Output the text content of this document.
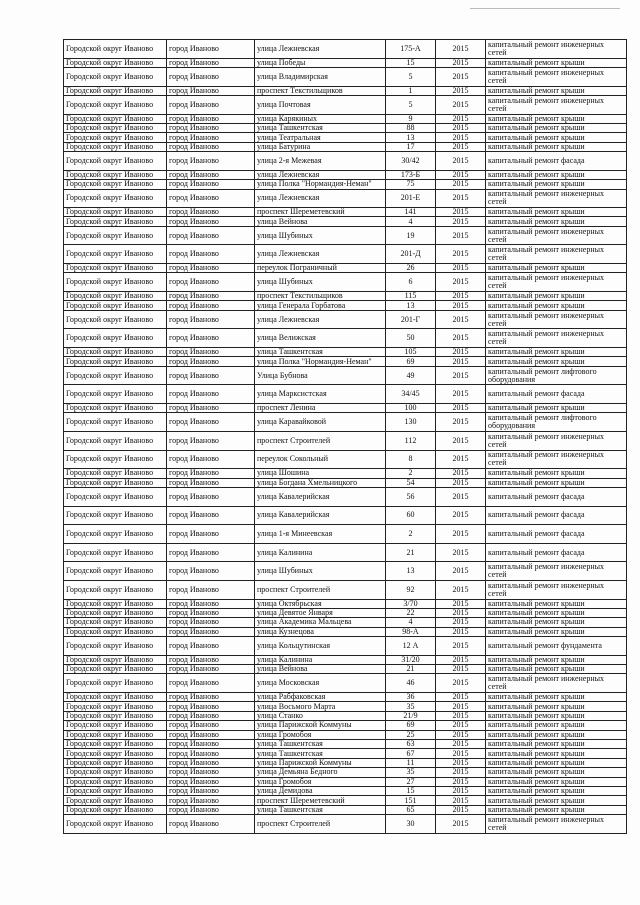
Городской округ Иваново	город Иваново	улица Лежневская	175-А	2015	капитальный ремонт инженерных сетей
Городской округ Иваново	город Иваново	улица Победы	15	2015	капитальный ремонт крыши
Городской округ Иваново	город Иваново	улица Владимирская	5	2015	капитальный ремонт инженерных сетей
Городской округ Иваново	город Иваново	проспект Текстильщиков	1	2015	капитальный ремонт крыши
Городской округ Иваново	город Иваново	улица Почтовая	5	2015	капитальный ремонт инженерных сетей
Городской округ Иваново	город Иваново	улица Карякиных	9	2015	капитальный ремонт крыши
Городской округ Иваново	город Иваново	улица Ташкентская	88	2015	капитальный ремонт крыши
Городской округ Иваново	город Иваново	улица Театральная	13	2015	капитальный ремонт крыши
Городской округ Иваново	город Иваново	улица Батурина	17	2015	капитальный ремонт крыши
Городской округ Иваново	город Иваново	улица 2-я Межевая	30/42	2015	капитальный ремонт фасада
Городской округ Иваново	город Иваново	улица Лежневская	173-Б	2015	капитальный ремонт крыши
Городской округ Иваново	город Иваново	улица Полка "Нормандия-Неман"	75	2015	капитальный ремонт крыши
Городской округ Иваново	город Иваново	улица Лежневская	201-Е	2015	капитальный ремонт инженерных сетей
Городской округ Иваново	город Иваново	проспект Шереметевский	141	2015	капитальный ремонт крыши
Городской округ Иваново	город Иваново	улица Вейнова	4	2015	капитальный ремонт крыши
Городской округ Иваново	город Иваново	улица Шубиных	19	2015	капитальный ремонт инженерных сетей
Городской округ Иваново	город Иваново	улица Лежневская	201-Д	2015	капитальный ремонт инженерных сетей
Городской округ Иваново	город Иваново	переулок Пограничный	26	2015	капитальный ремонт крыши
Городской округ Иваново	город Иваново	улица Шубиных	6	2015	капитальный ремонт инженерных сетей
Городской округ Иваново	город Иваново	проспект Текстильщиков	115	2015	капитальный ремонт крыши
Городской округ Иваново	город Иваново	улица Генерала Горбатова	13	2015	капитальный ремонт крыши
Городской округ Иваново	город Иваново	улица Лежневская	201-Г	2015	капитальный ремонт инженерных сетей
Городской округ Иваново	город Иваново	улица Велижская	50	2015	капитальный ремонт инженерных сетей
Городской округ Иваново	город Иваново	улица Ташкентская	105	2015	капитальный ремонт крыши
Городской округ Иваново	город Иваново	улица Полка "Нормандия-Неман"	69	2015	капитальный ремонт крыши
Городской округ Иваново	город Иваново	Улица Бубнова	49	2015	капитальный ремонт лифтового оборудования
Городской округ Иваново	город Иваново	улица Марксистская	34/45	2015	капитальный ремонт фасада
Городской округ Иваново	город Иваново	проспект Ленина	100	2015	капитальный ремонт крыши
Городской округ Иваново	город Иваново	улица Каравайковой	130	2015	капитальный ремонт лифтового оборудования
Городской округ Иваново	город Иваново	проспект Строителей	112	2015	капитальный ремонт инженерных сетей
Городской округ Иваново	город Иваново	переулок Сокольный	8	2015	капитальный ремонт инженерных сетей
Городской округ Иваново	город Иваново	улица Шошина	2	2015	капитальный ремонт крыши
Городской округ Иваново	город Иваново	улица Богдана Хмельницкого	54	2015	капитальный ремонт крыши
Городской округ Иваново	город Иваново	улица Кавалерийская	56	2015	капитальный ремонт фасада
Городской округ Иваново	город Иваново	улица Кавалерийская	60	2015	капитальный ремонт фасада
Городской округ Иваново	город Иваново	улица 1-я Минеевская	2	2015	капитальный ремонт фасада
Городской округ Иваново	город Иваново	улица Калинина	21	2015	капитальный ремонт фасада
Городской округ Иваново	город Иваново	улица Шубиных	13	2015	капитальный ремонт инженерных сетей
Городской округ Иваново	город Иваново	проспект Строителей	92	2015	капитальный ремонт инженерных сетей
Городской округ Иваново	город Иваново	улица Октябрьская	3/70	2015	капитальный ремонт крыши
Городской округ Иваново	город Иваново	улица Девятое Января	22	2015	капитальный ремонт крыши
Городской округ Иваново	город Иваново	улица Академика Мальцева	4	2015	капитальный ремонт крыши
Городской округ Иваново	город Иваново	улица Кузнецова	98-А	2015	капитальный ремонт крыши
Городской округ Иваново	город Иваново	улица Кольцутинская	12 А	2015	капитальный ремонт фундамента
Городской округ Иваново	город Иваново	улица Калинина	31/20	2015	капитальный ремонт крыши
Городской округ Иваново	город Иваново	улица Вейнова	21	2015	капитальный ремонт крыши
Городской округ Иваново	город Иваново	улица Московская	46	2015	капитальный ремонт инженерных сетей
Городской округ Иваново	город Иваново	улица Рабфаковская	36	2015	капитальный ремонт крыши
Городской округ Иваново	город Иваново	улица Восьмого Марта	35	2015	капитальный ремонт крыши
Городской округ Иваново	город Иваново	улица Станко	21/9	2015	капитальный ремонт крыши
Городской округ Иваново	город Иваново	улица Парижской Коммуны	69	2015	капитальный ремонт крыши
Городской округ Иваново	город Иваново	улица Громобоя	25	2015	капитальный ремонт крыши
Городской округ Иваново	город Иваново	улица Ташкентская	63	2015	капитальный ремонт крыши
Городской округ Иваново	город Иваново	улица Ташкентская	67	2015	капитальный ремонт крыши
Городской округ Иваново	город Иваново	улица Парижской Коммуны	11	2015	капитальный ремонт крыши
Городской округ Иваново	город Иваново	улица Демьяна Бедного	35	2015	капитальный ремонт крыши
Городской округ Иваново	город Иваново	улица Громобоя	27	2015	капитальный ремонт крыши
Городской округ Иваново	город Иваново	улица Демидова	15	2015	капитальный ремонт крыши
Городской округ Иваново	город Иваново	проспект Шереметевский	151	2015	капитальный ремонт крыши
Городской округ Иваново	город Иваново	улица Ташкентская	65	2015	капитальный ремонт крыши
Городской округ Иваново	город Иваново	проспект Строителей	30	2015	капитальный ремонт инженерных сетей
